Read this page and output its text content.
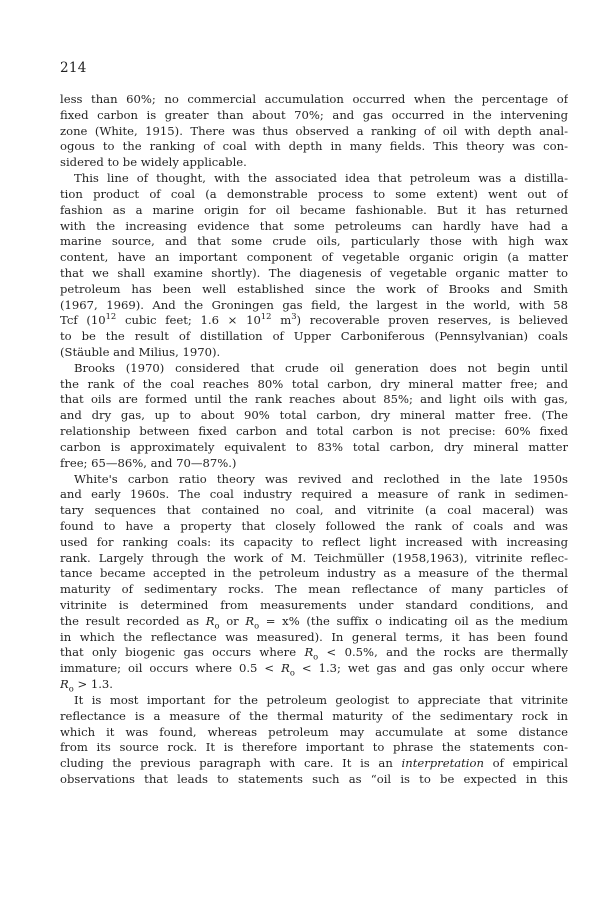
214
less than 60%; no commercial accumulation occurred when the percentage of
fixed carbon is greater than about 70%; and gas occurred in the intervening
zone (White, 1915). There was thus observed a ranking of oil with depth anal-
ogous to the ranking of coal with depth in many fields. This theory was con-
sidered to be widely applicable.
This line of thought, with the associated idea that petroleum was a distilla-
tion product of coal (a demonstrable process to some extent) went out of
fashion as a marine origin for oil became fashionable. But it has returned
with the increasing evidence that some petroleums can hardly have had a
marine source, and that some crude oils, particularly those with high wax
content, have an important component of vegetable organic origin (a matter
that we shall examine shortly). The diagenesis of vegetable organic matter to
petroleum has been well established since the work of Brooks and Smith
(1967, 1969). And the Groningen gas field, the largest in the world, with 58
Tcf ($10^{12}$ cubic feet; $1.6 \times 10^{12}$ $m^3$) recoverable proven reserves, is believed
to be the result of distillation of Upper Carboniferous (Pennsylvanian) coals
(Stäuble and Milius, 1970).
Brooks (1970) considered that crude oil generation does not begin until
the rank of the coal reaches 80% total carbon, dry mineral matter free; and
that oils are formed until the rank reaches about 85%; and light oils with gas,
and dry gas, up to about 90% total carbon, dry mineral matter free. (The
relationship between fixed carbon and total carbon is not precise: 60% fixed
carbon is approximately equivalent to 83% total carbon, dry mineral matter
free; 65—86%, and 70—87%.)
White's carbon ratio theory was revived and reclothed in the late 1950s
and early 1960s. The coal industry required a measure of rank in sedimen-
tary sequences that contained no coal, and vitrinite (a coal maceral) was
found to have a property that closely followed the rank of coals and was
used for ranking coals: its capacity to reflect light increased with increasing
rank. Largely through the work of M. Teichmüller (1958,1963), vitrinite reflec-
tance became accepted in the petroleum industry as a measure of the thermal
maturity of sedimentary rocks. The mean reflectance of many particles of
vitrinite is determined from measurements under standard conditions, and
the result recorded as $R_o$ or $\overline{R}_o = x\%$ (the suffix o indicating oil as the medium
in which the reflectance was measured). In general terms, it has been found
that only biogenic gas occurs where $R_o < 0.5\%$, and the rocks are thermally
immature; oil occurs where $0.5 < R_o < 1.3$; wet gas and gas only occur where
$R_o > 1.3$.
It is most important for the petroleum geologist to appreciate that vitrinite
reflectance is a measure of the thermal maturity of the sedimentary rock in
which it was found, whereas petroleum may accumulate at some distance
from its source rock. It is therefore important to phrase the statements con-
cluding the previous paragraph with care. It is an interpretation of empirical
observations that leads to statements such as “oil is to be expected in this
